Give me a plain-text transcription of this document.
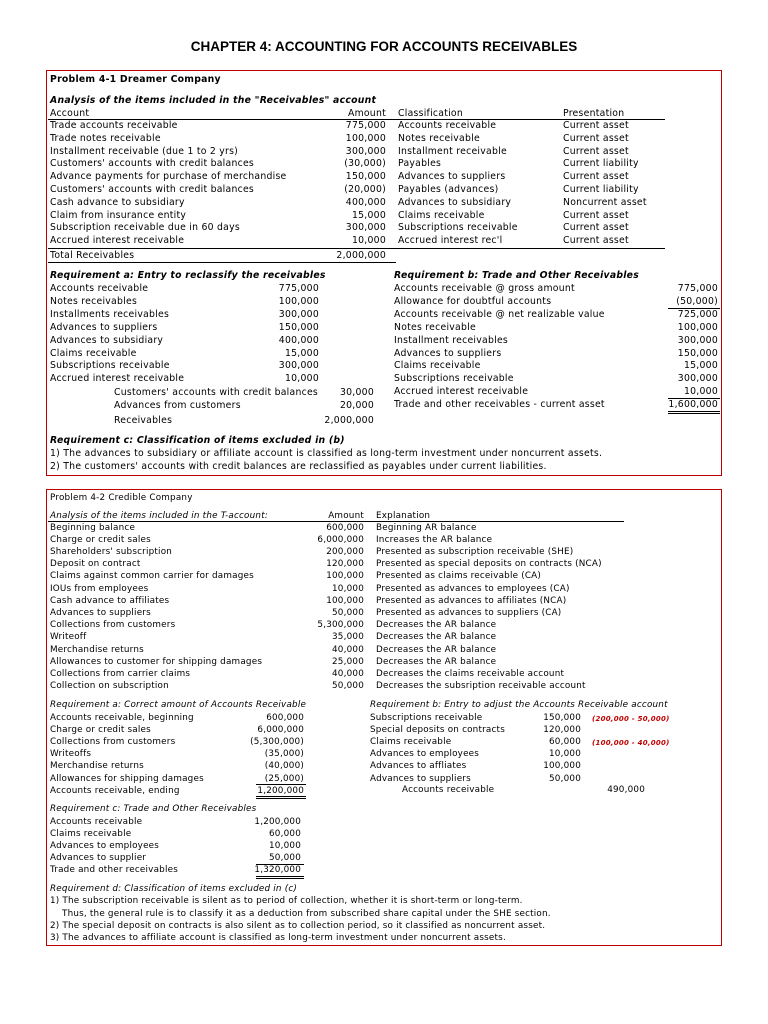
CHAPTER 4: ACCOUNTING FOR ACCOUNTS RECEIVABLES
Problem 4-1 Dreamer Company
Analysis of the items included in the "Receivables" account
Account	Amount Classification	Presentation
Trade accounts receivable	775,000 Accounts receivable	Current asset
Trade notes receivable	100,000 Notes receivable	Current asset
Installment receivable (due 1 to 2 yrs)	300,000 Installment receivable	Current asset
Customers' accounts with credit balances	(30,000) Payables	Current liability
Advance payments for purchase of merchandise	150,000 Advances to suppliers	Current asset
Customers' accounts with credit balances	(20,000) Payables (advances)	Current liability
Cash advance to subsidiary	400,000 Advances to subsidiary	Noncurrent asset
Claim from insurance entity	15,000 Claims receivable	Current asset
Subscription receivable due in 60 days	300,000 Subscriptions receivable	Current asset
Accrued interest receivable	10,000 Accrued interest rec'l	Current asset
Total Receivables	2,000,000
Requirement a: Entry to reclassify the receivables
Accounts receivable	775,000
Notes receivables	100,000
Installments receivables	300,000
Advances to suppliers	150,000
Advances to subsidiary	400,000
Claims receivable	15,000
Subscriptions receivable	300,000
Accrued interest receivable	10,000
Customers' accounts with credit balances	30,000
Advances from customers	20,000
Receivables	2,000,000
Requirement b: Trade and Other Receivables
Accounts receivable @ gross amount	775,000
Allowance for doubtful accounts	(50,000)
Accounts receivable @ net realizable value	725,000
Notes receivable	100,000
Installment receivables	300,000
Advances to suppliers	150,000
Claims receivable	15,000
Subscriptions receivable	300,000
Accrued interest receivable	10,000
Trade and other receivables - current asset	1,600,000
Requirement c: Classification of items excluded in (b)
1) The advances to subsidiary or affiliate account is classified as long-term investment under noncurrent assets.
2) The customers' accounts with credit balances are reclassified as payables under current liabilities.
Problem 4-2 Credible Company
Analysis of the items included in the T-account:	Amount Explanation
Beginning balance	600,000 Beginning AR balance
Charge or credit sales	6,000,000 Increases the AR balance
Shareholders' subscription	200,000 Presented as subscription receivable (SHE)
Deposit on contract	120,000 Presented as special deposits on contracts (NCA)
Claims against common carrier for damages	100,000 Presented as claims receivable (CA)
IOUs from employees	10,000 Presented as advances to employees (CA)
Cash advance to affiliates	100,000 Presented as advances to affiliates (NCA)
Advances to suppliers	50,000 Presented as advances to suppliers (CA)
Collections from customers	5,300,000 Decreases the AR balance
Writeoff	35,000 Decreases the AR balance
Merchandise returns	40,000 Decreases the AR balance
Allowances to customer for shipping damages	25,000 Decreases the AR balance
Collections from carrier claims	40,000 Decreases the claims receivable account
Collection on subscription	50,000 Decreases the subsription receivable account
Requirement a: Correct amount of Accounts Receivable
Accounts receivable, beginning	600,000
Charge or credit sales	6,000,000
Collections from customers	(5,300,000)
Writeoffs	(35,000)
Merchandise returns	(40,000)
Allowances for shipping damages	(25,000)
Accounts receivable, ending	1,200,000
Requirement b: Entry to adjust the Accounts Receivable account
Subscriptions receivable	150,000 (200,000 - 50,000)
Special deposits on contracts	120,000
Claims receivable	60,000 (100,000 - 40,000)
Advances to employees	10,000
Advances to affliates	100,000
Advances to suppliers	50,000
Accounts receivable	490,000
Requirement c: Trade and Other Receivables
Accounts receivable	1,200,000
Claims receivable	60,000
Advances to employees	10,000
Advances to supplier	50,000
Trade and other receivables	1,320,000
Requirement d: Classification of items excluded in (c)
1) The subscription receivable is silent as to period of collection, whether it is short-term or long-term.
Thus, the general rule is to classify it as a deduction from subscribed share capital under the SHE section.
2) The special deposit on contracts is also silent as to collection period, so it classified as noncurrent asset.
3) The advances to affiliate account is classified as long-term investment under noncurrent assets.
